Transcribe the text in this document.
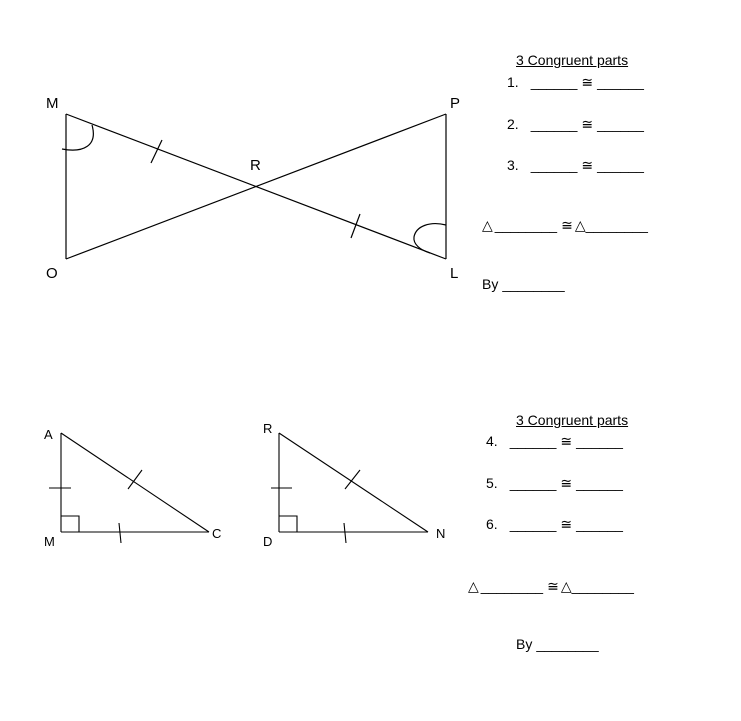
M	P
R
O	L
A
M
C
R
D
N
3 Congruent parts
1. ______ ≅ ______
2. ______ ≅ ______
3. ______ ≅ ______
△ ________ ≅ △________
By ________
3 Congruent parts
4. ______ ≅ ______
5. ______ ≅ ______
6. ______ ≅ ______
△ ________ ≅ △________
By ________
